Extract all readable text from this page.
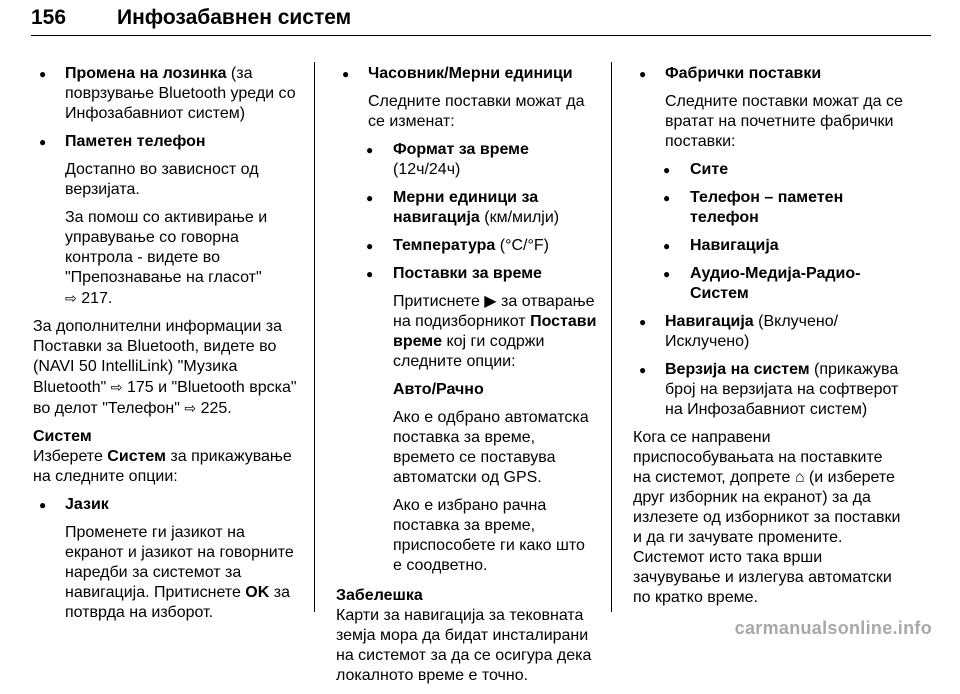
156 Инфозабавнен систем
● Промена на лозинка (за поврзување Bluetooth уреди со Инфозабавниот систем)
● Паметен телефон
Достапно во зависност од верзијата.
За помош со активирање и управување со говорна контрола - видете во "Препознавање на гласот"
⇨ 217.
За дополнителни информации за Поставки за Bluetooth, видете во (NAVI 50 IntelliLink) "Музика Bluetooth" ⇨ 175 и "Bluetooth врска" во делот "Телефон" ⇨ 225.
Систем
Изберете Систем за прикажување на следните опции:
● Јазик
Променете ги јазикот на екранот и јазикот на говорните наредби за системот за навигација. Притиснете OK за потврда на изборот.
● Часовник/Мерни единици
Следните поставки можат да се изменат:
● Формат за време (12ч/24ч)
● Мерни единици за навигација (км/милји)
● Температура (°C/°F)
● Поставки за време
Притиснете ▶ за отварање на подизборникот Постави време кој ги содржи следните опции:
Авто/Рачно
Ако е одбрано автоматска поставка за време, времето се поставува автоматски од GPS.
Ако е избрано рачна поставка за време, приспособете ги како што е соодветно.
Забелешка
Карти за навигација за тековната земја мора да бидат инсталирани на системот за да се осигура дека локалното време е точно.
● Фабрички поставки
Следните поставки можат да се вратат на почетните фабрички поставки:
● Сите
● Телефон – паметен телефон
● Навигација
● Аудио-Медија-Радио-Систем
● Навигација (Вклучено/ Исклучено)
● Верзија на систем (прикажува број на верзијата на софтверот на Инфозабавниот систем)
Кога се направени приспособувањата на поставките на системот, допрете ⌂ (и изберете друг изборник на екранот) за да излезете од изборникот за поставки и да ги зачувате промените. Системот исто така врши зачувување и излегува автоматски по кратко време.
carmanualsonline.info
